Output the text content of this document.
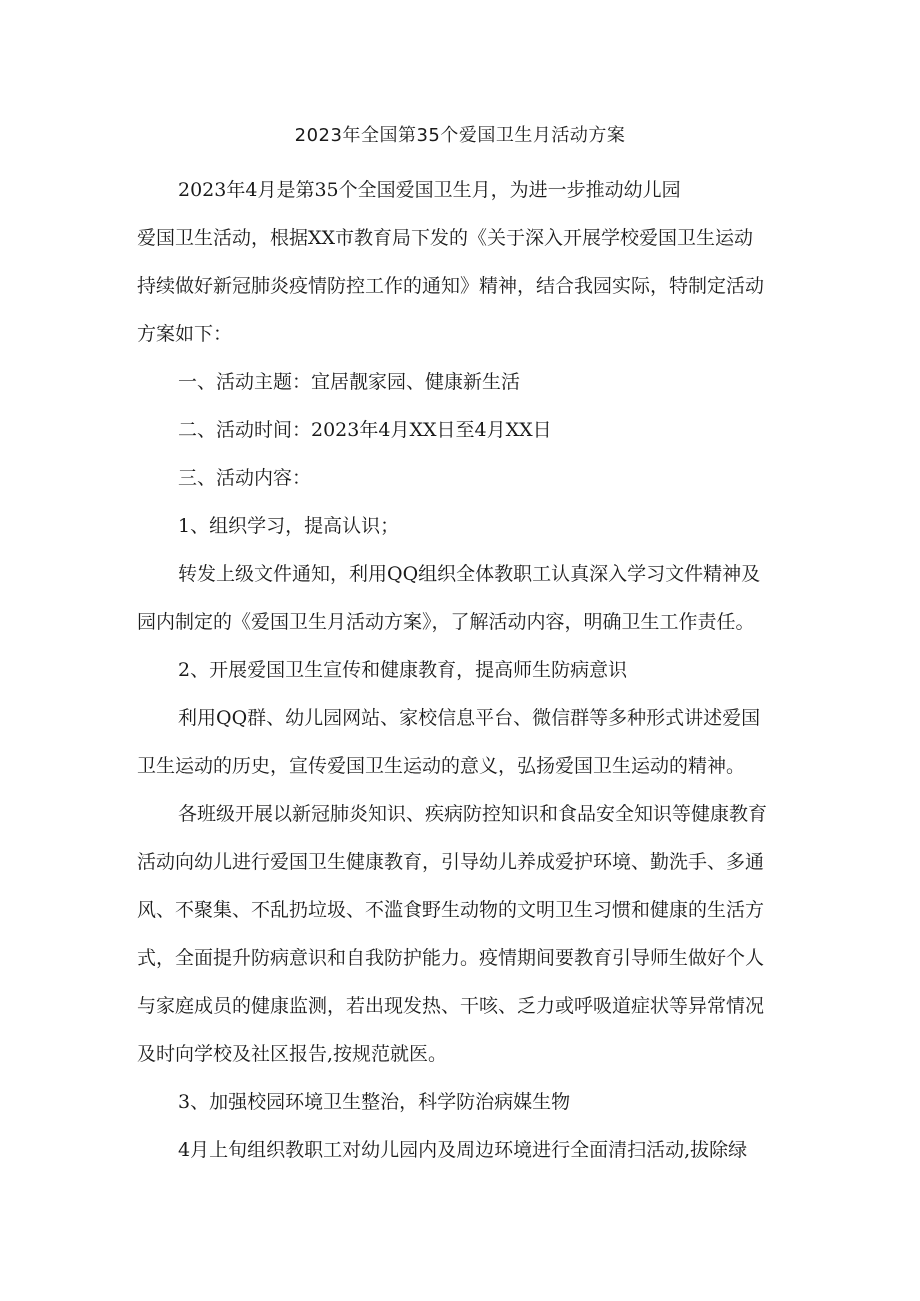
2023年全国第35个爱国卫生月活动方案

2023年4月是第35个全国爱国卫生月，为进一步推动幼儿园

爱国卫生活动，根据XX市教育局下发的《关于深入开展学校爱国卫生运动

持续做好新冠肺炎疫情防控工作的通知》精神，结合我园实际，特制定活动

方案如下：

一、活动主题：宜居靓家园、健康新生活

二、活动时间：2023年4月XX日至4月XX日

三、活动内容：

1、组织学习，提高认识；

转发上级文件通知，利用QQ组织全体教职工认真深入学习文件精神及

园内制定的《爱国卫生月活动方案》，了解活动内容，明确卫生工作责任。

2、开展爱国卫生宣传和健康教育，提高师生防病意识

利用QQ群、幼儿园网站、家校信息平台、微信群等多种形式讲述爱国

卫生运动的历史，宣传爱国卫生运动的意义，弘扬爱国卫生运动的精神。

各班级开展以新冠肺炎知识、疾病防控知识和食品安全知识等健康教育

活动向幼儿进行爱国卫生健康教育，引导幼儿养成爱护环境、勤洗手、多通

风、不聚集、不乱扔垃圾、不滥食野生动物的文明卫生习惯和健康的生活方

式，全面提升防病意识和自我防护能力。疫情期间要教育引导师生做好个人

与家庭成员的健康监测，若出现发热、干咳、乏力或呼吸道症状等异常情况

及时向学校及社区报告,按规范就医。

3、加强校园环境卫生整治，科学防治病媒生物

4月上旬组织教职工对幼儿园内及周边环境进行全面清扫活动,拔除绿
